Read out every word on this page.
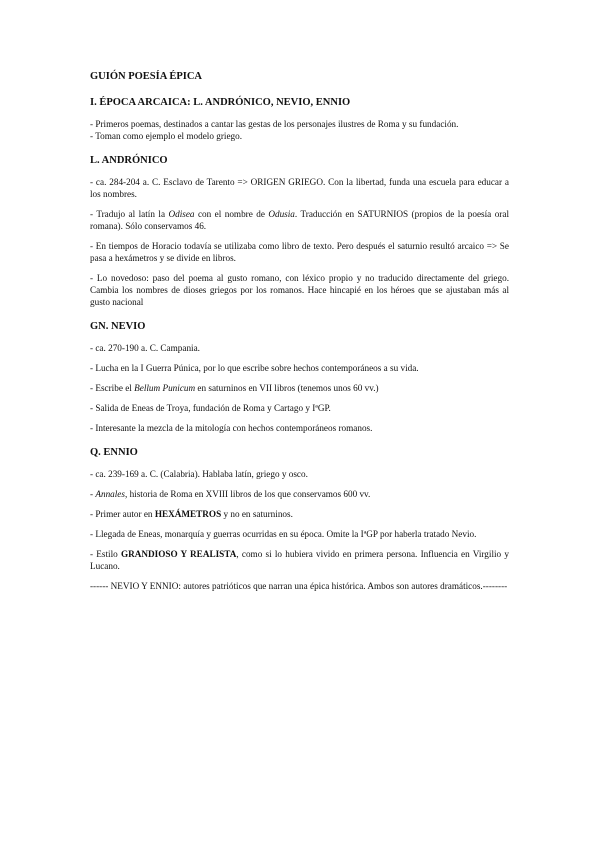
GUIÓN POESÍA ÉPICA
I. ÉPOCA ARCAICA: L. ANDRÓNICO, NEVIO, ENNIO

- Primeros poemas, destinados a cantar las gestas de los personajes ilustres de Roma y su fundación.

- Toman como ejemplo el modelo griego.

L. ANDRÓNICO

- ca. 284-204 a. C. Esclavo de Tarento => ORIGEN GRIEGO. Con la libertad, funda una escuela para educar a los nombres.

- Tradujo al latín la Odisea con el nombre de Odusia. Traducción en SATURNIOS (propios de la poesía oral romana). Sólo conservamos 46.

- En tiempos de Horacio todavía se utilizaba como libro de texto. Pero después el saturnio resultó arcaico => Se pasa a hexámetros y se divide en libros.

- Lo novedoso: paso del poema al gusto romano, con léxico propio y no traducido directamente del griego. Cambia los nombres de dioses griegos por los romanos. Hace hincapié en los héroes que se ajustaban más al gusto nacional

GN. NEVIO

- ca. 270-190 a. C. Campania.

- Lucha en la I Guerra Púnica, por lo que escribe sobre hechos contemporáneos a su vida.

- Escribe el Bellum Punicum en saturninos en VII libros (tenemos unos 60 vv.)

- Salida de Eneas de Troya, fundación de Roma y Cartago y IªGP.

- Interesante la mezcla de la mitología con hechos contemporáneos romanos.

Q. ENNIO

- ca. 239-169 a. C. (Calabria). Hablaba latín, griego y osco.

- Annales, historia de Roma en XVIII libros de los que conservamos 600 vv.

- Primer autor en HEXÁMETROS y no en saturninos.

- Llegada de Eneas, monarquía y guerras ocurridas en su época. Omite la IªGP por haberla tratado Nevio.

- Estilo GRANDIOSO Y REALISTA, como si lo hubiera vivido en primera persona. Influencia en Virgilio y Lucano.

------ NEVIO Y ENNIO: autores patrióticos que narran una épica histórica. Ambos son autores dramáticos.--------
